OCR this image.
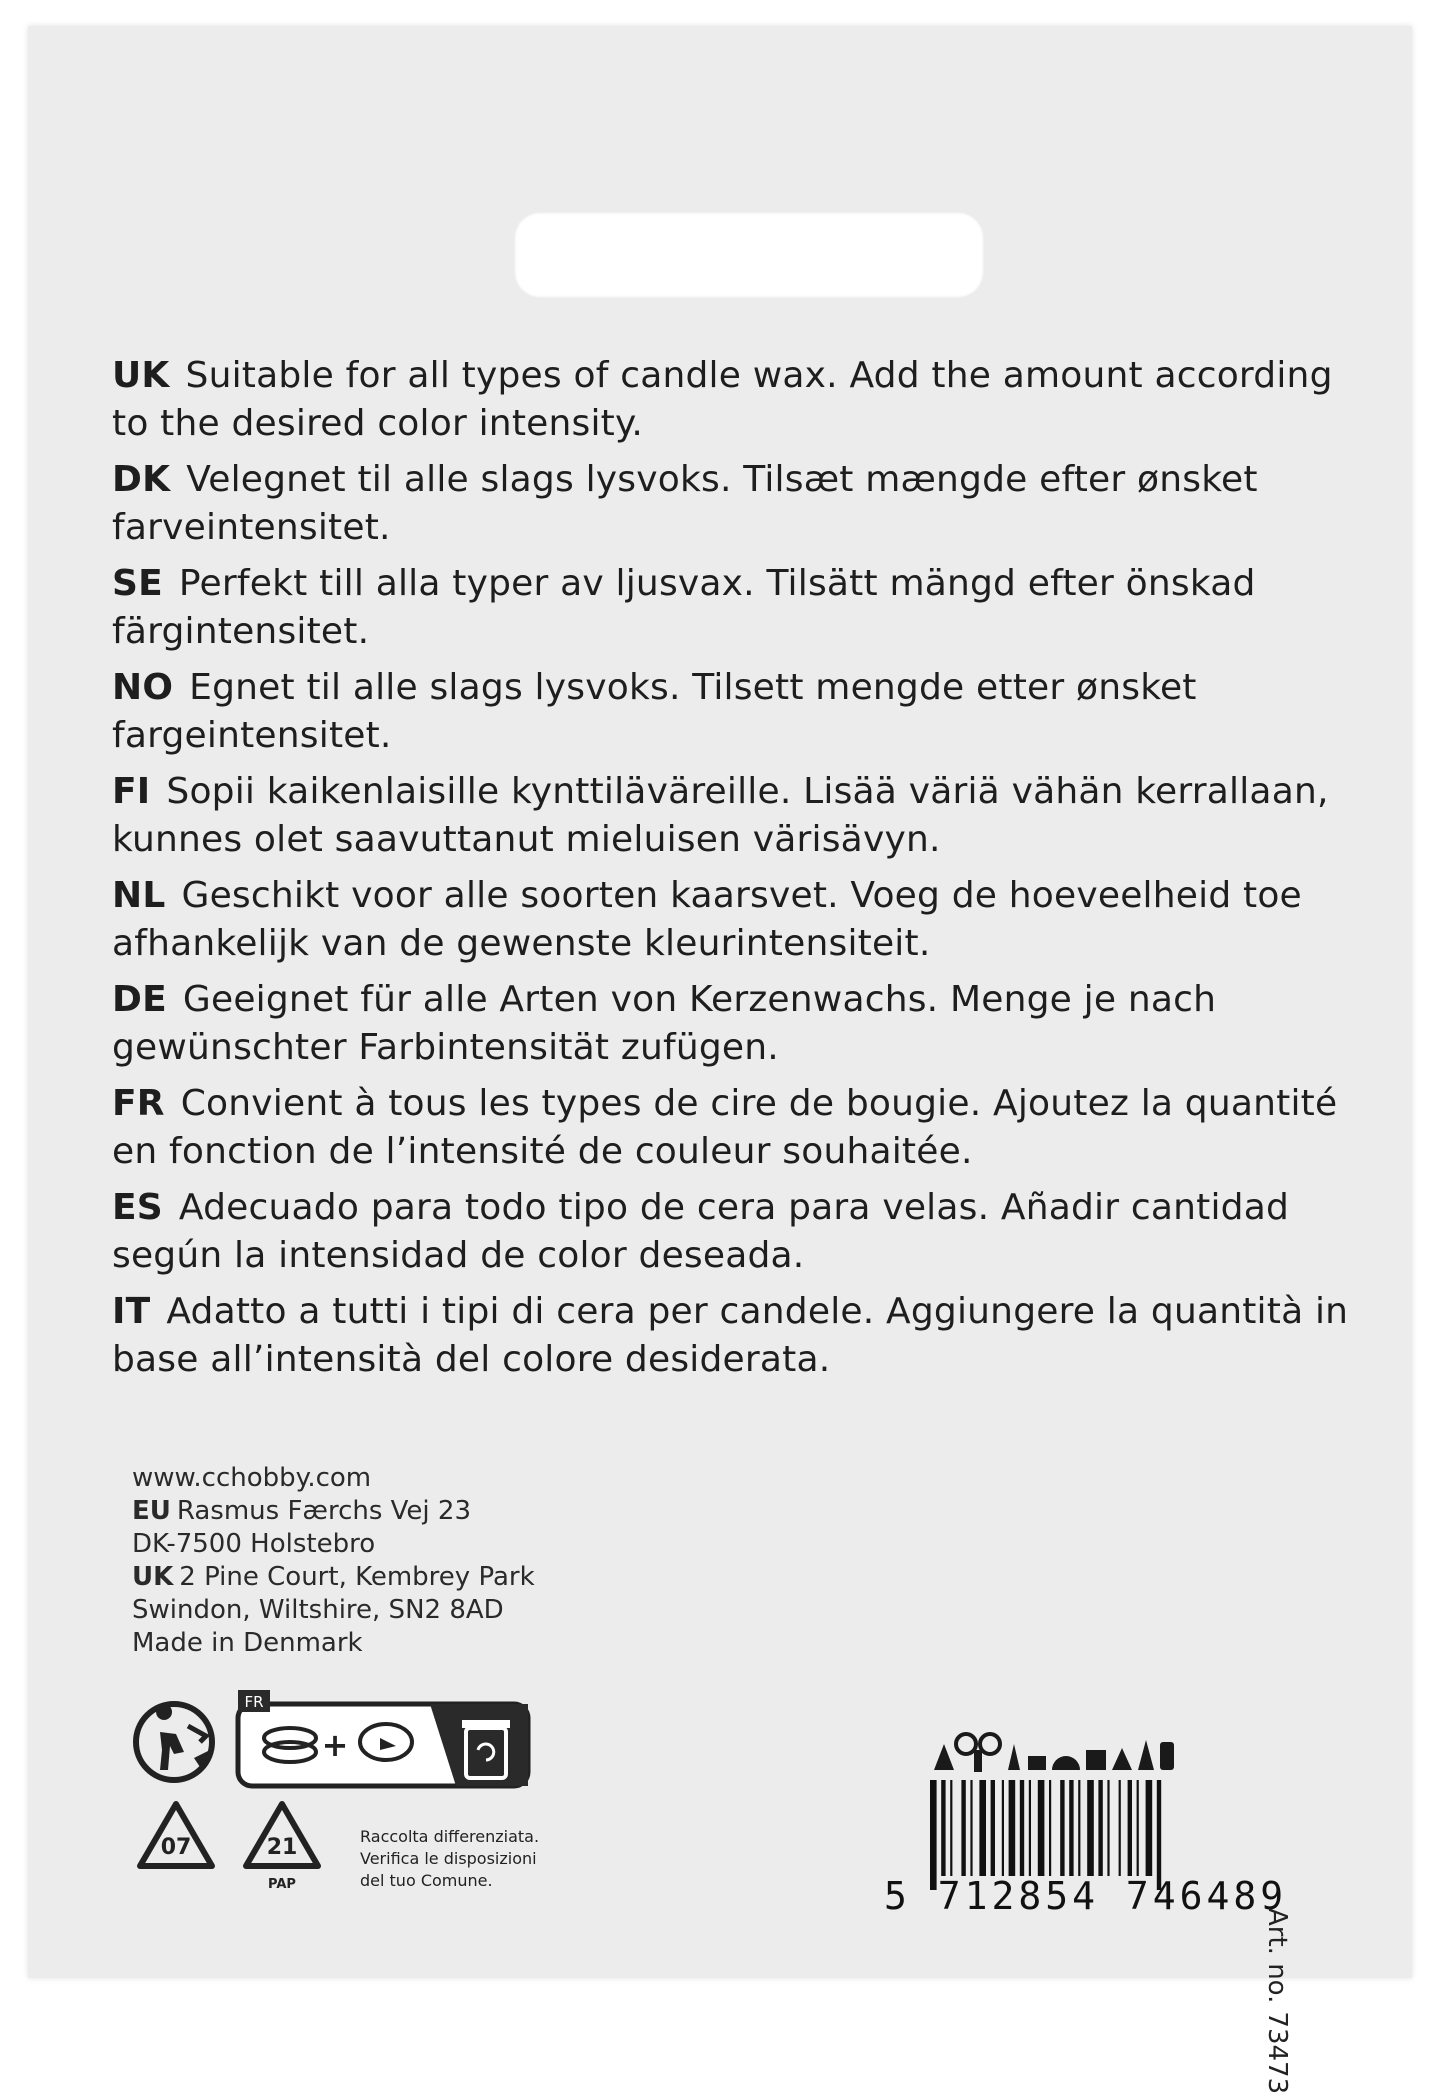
UK Suitable for all types of candle wax. Add the amount according to the desired color intensity.
DK Velegnet til alle slags lysvoks. Tilsæt mængde efter ønsket farveintensitet.
SE Perfekt till alla typer av ljusvax. Tilsätt mängd efter önskad färgintensitet.
NO Egnet til alle slags lysvoks. Tilsett mengde etter ønsket fargeintensitet.
FI Sopii kaikenlaisille kynttiläväreille. Lisää väriä vähän kerrallaan, kunnes olet saavuttanut mieluisen värisävyn.
NL Geschikt voor alle soorten kaarsvet. Voeg de hoeveelheid toe afhankelijk van de gewenste kleurintensiteit.
DE Geeignet für alle Arten von Kerzenwachs. Menge je nach gewünschter Farbintensität zufügen.
FR Convient à tous les types de cire de bougie. Ajoutez la quantité en fonction de l’intensité de couleur souhaitée.
ES Adecuado para todo tipo de cera para velas. Añadir cantidad según la intensidad de color deseada.
IT Adatto a tutti i tipi di cera per candele. Aggiungere la quantità in base all’intensità del colore desiderata.
www.cchobby.com
EU Rasmus Færchs Vej 23
DK-7500 Holstebro
UK 2 Pine Court, Kembrey Park
Swindon, Wiltshire, SN2 8AD
Made in Denmark
FR
+
07	21
PAP
Raccolta differenziata.
Verifica le disposizioni
del tuo Comune.	5 712854 746489
Art. no.73473
